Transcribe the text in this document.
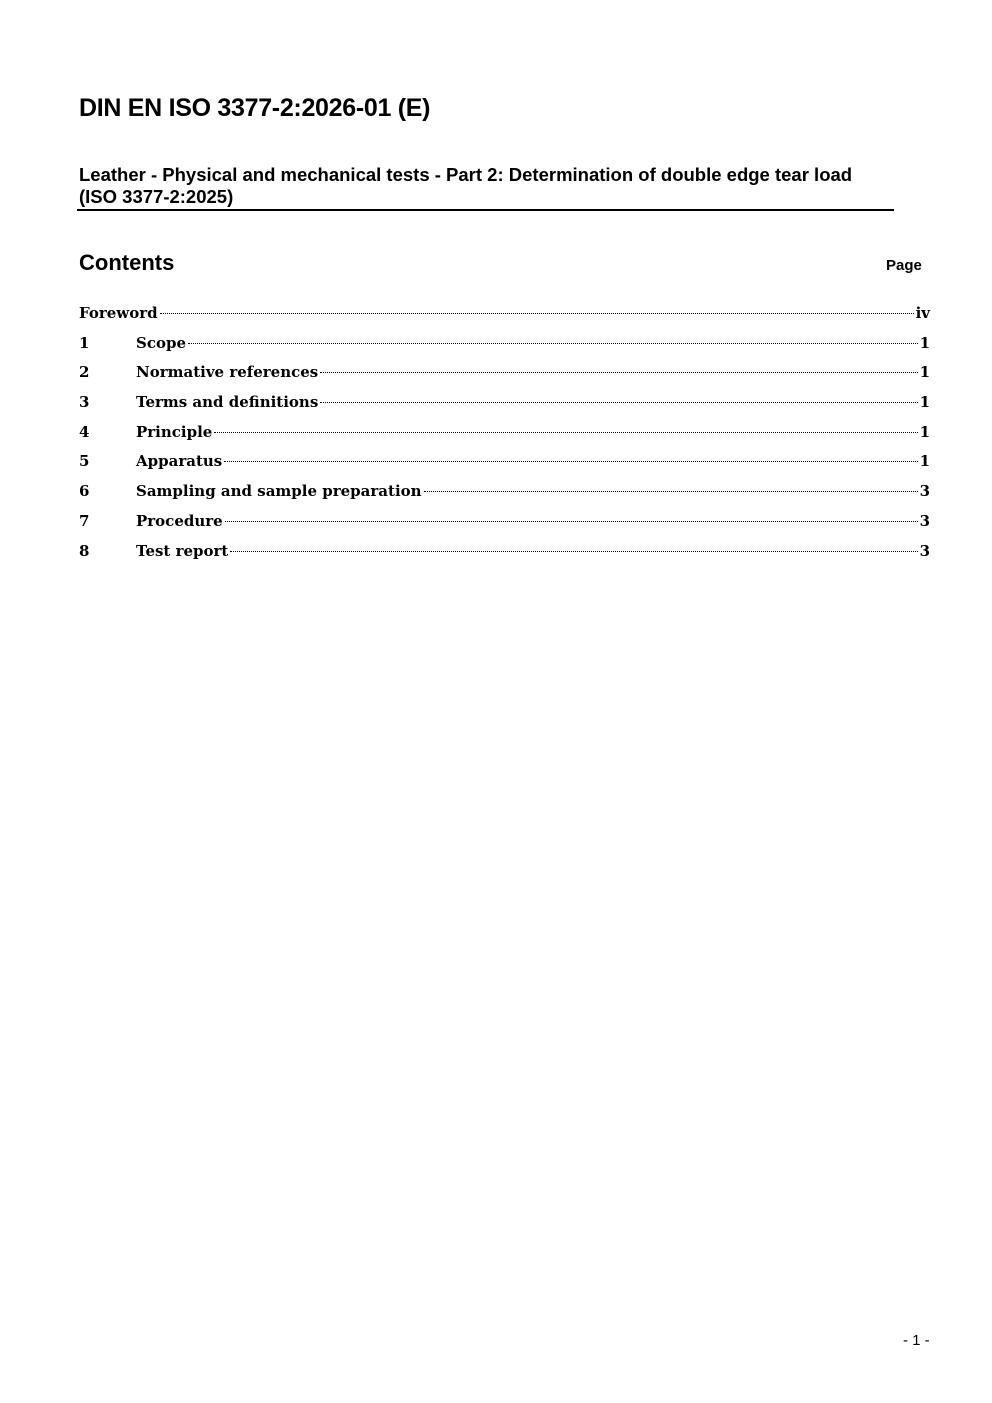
DIN EN ISO 3377-2:2026-01 (E)
Leather - Physical and mechanical tests - Part 2: Determination of double edge tear load (ISO 3377-2:2025)
Contents	Page
Foreword	iv
1	Scope	1
2	Normative references	1
3	Terms and definitions	1
4	Principle	1
5	Apparatus	1
6	Sampling and sample preparation	3
7	Procedure	3
8	Test report	3
- 1 -
